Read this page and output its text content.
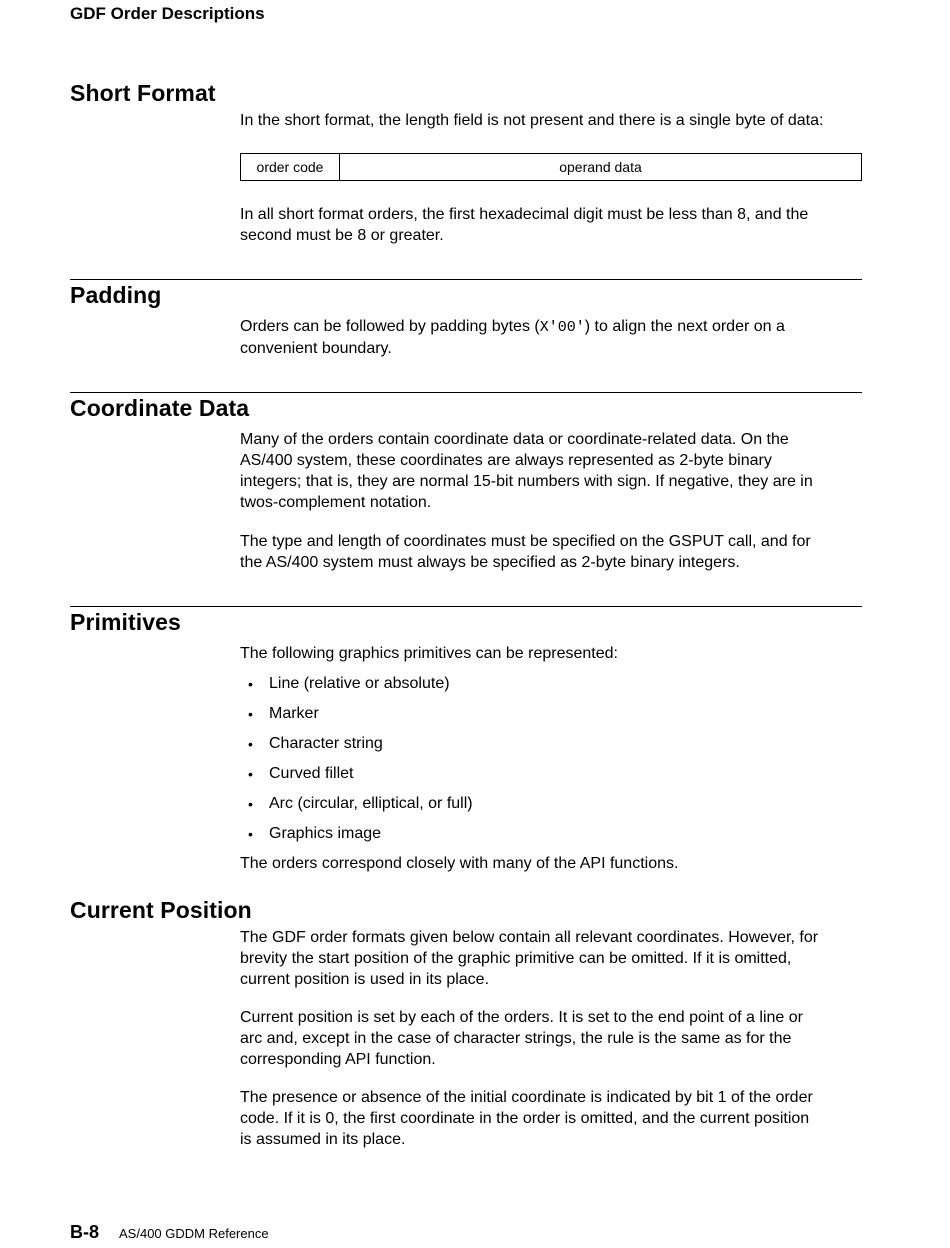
GDF Order Descriptions
Short Format
In the short format, the length field is not present and there is a single byte of data:
order code	operand data
In all short format orders, the first hexadecimal digit must be less than 8, and the
second must be 8 or greater.
Padding
Orders can be followed by padding bytes (X'00') to align the next order on a
convenient boundary.
Coordinate Data
Many of the orders contain coordinate data or coordinate-related data. On the
AS/400 system, these coordinates are always represented as 2-byte binary
integers; that is, they are normal 15-bit numbers with sign. If negative, they are in
twos-complement notation.
The type and length of coordinates must be specified on the GSPUT call, and for
the AS/400 system must always be specified as 2-byte binary integers.
Primitives
The following graphics primitives can be represented:
•	Line (relative or absolute)
•	Marker
•	Character string
•	Curved fillet
•	Arc (circular, elliptical, or full)
•	Graphics image
The orders correspond closely with many of the API functions.
Current Position
The GDF order formats given below contain all relevant coordinates. However, for
brevity the start position of the graphic primitive can be omitted. If it is omitted,
current position is used in its place.
Current position is set by each of the orders. It is set to the end point of a line or
arc and, except in the case of character strings, the rule is the same as for the
corresponding API function.
The presence or absence of the initial coordinate is indicated by bit 1 of the order
code. If it is 0, the first coordinate in the order is omitted, and the current position
is assumed in its place.
B-8 AS/400 GDDM Reference
